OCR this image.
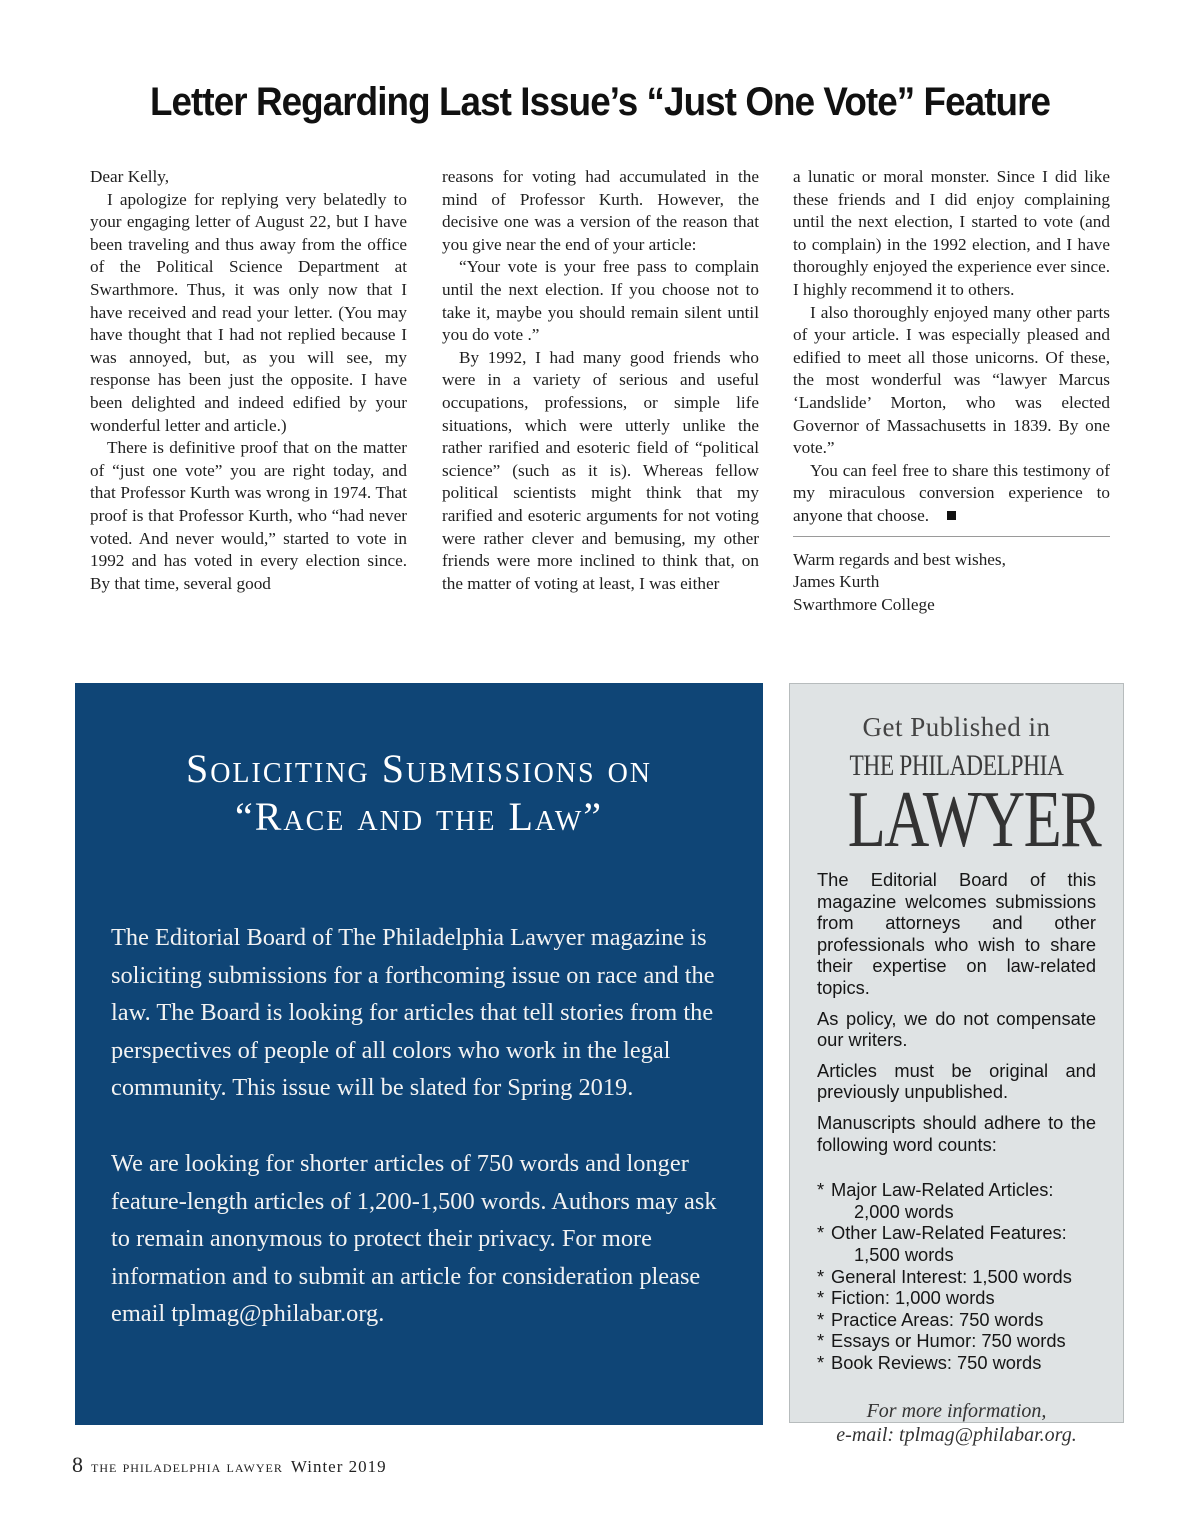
Letter Regarding Last Issue’s “Just One Vote” Feature

Dear Kelly,

I apologize for replying very belatedly to your engaging letter of August 22, but I have been traveling and thus away from the office of the Political Science Department at Swarthmore. Thus, it was only now that I have received and read your letter. (You may have thought that I had not replied because I was annoyed, but, as you will see, my response has been just the opposite. I have been delighted and indeed edified by your wonderful letter and article.)

There is definitive proof that on the matter of “just one vote” you are right today, and that Professor Kurth was wrong in 1974. That proof is that Professor Kurth, who “had never voted. And never would,” started to vote in 1992 and has voted in every election since. By that time, several good

reasons for voting had accumulated in the mind of Professor Kurth. However, the decisive one was a version of the reason that you give near the end of your article:

“Your vote is your free pass to complain until the next election. If you choose not to take it, maybe you should remain silent until you do vote .”

By 1992, I had many good friends who were in a variety of serious and useful occupations, professions, or simple life situations, which were utterly unlike the rather rarified and esoteric field of “political science” (such as it is). Whereas fellow political scientists might think that my rarified and esoteric arguments for not voting were rather clever and bemusing, my other friends were more inclined to think that, on the matter of voting at least, I was either

a lunatic or moral monster. Since I did like these friends and I did enjoy complaining until the next election, I started to vote (and to complain) in the 1992 election, and I have thoroughly enjoyed the experience ever since. I highly recommend it to others.

I also thoroughly enjoyed many other parts of your article. I was especially pleased and edified to meet all those unicorns. Of these, the most wonderful was “lawyer Marcus ‘Landslide’ Morton, who was elected Governor of Massachusetts in 1839. By one vote.”

You can feel free to share this testimony of my miraculous conversion experience to anyone that choose.

Warm regards and best wishes,

James Kurth

Swarthmore College

Soliciting Submissions on
“Race and the Law”

The Editorial Board of The Philadelphia Lawyer magazine is soliciting submissions for a forthcoming issue on race and the law. The Board is looking for articles that tell stories from the perspectives of people of all colors who work in the legal community. This issue will be slated for Spring 2019.

We are looking for shorter articles of 750 words and longer feature-length articles of 1,200-1,500 words. Authors may ask to remain anonymous to protect their privacy. For more information and to submit an article for consideration please email tplmag@philabar.org.

Get Published in

THE PHILADELPHIA

LAWYER

The Editorial Board of this magazine welcomes submissions from attorneys and other professionals who wish to share their expertise on law-related topics.

As policy, we do not compensate our writers.

Articles must be original and previously unpublished.

Manuscripts should adhere to the following word counts:

* Major Law-Related Articles: 2,000 words
* Other Law-Related Features: 1,500 words
* General Interest: 1,500 words
* Fiction: 1,000 words
* Practice Areas: 750 words
* Essays or Humor: 750 words
* Book Reviews: 750 words
For more information,
e-mail: tplmag@philabar.org.
8 the philadelphia lawyer Winter 2019
